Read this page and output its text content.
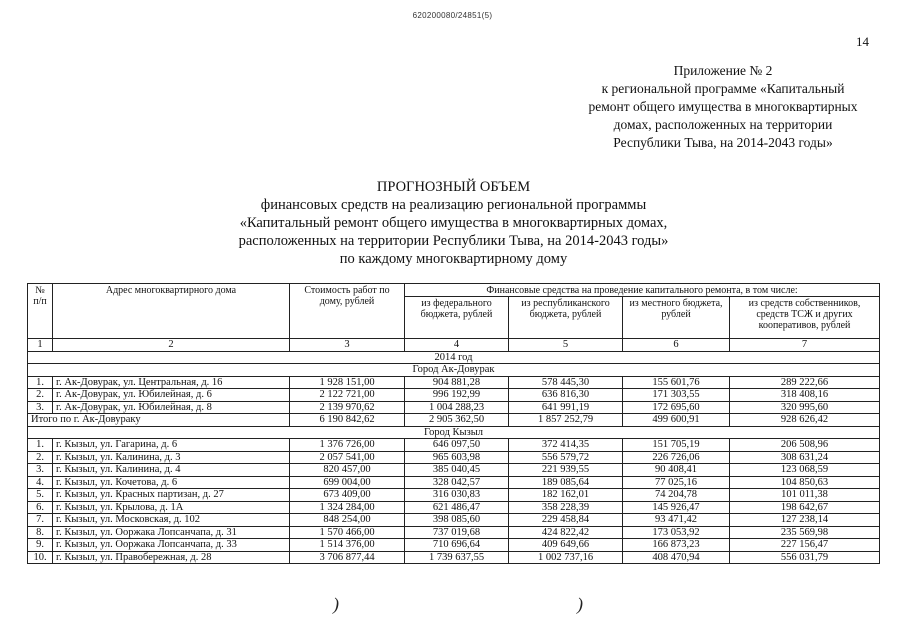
620200080/24851(5)
14
Приложение № 2
к региональной программе «Капитальный
ремонт общего имущества в многоквартирных
домах, расположенных на территории
Республики Тыва, на 2014-2043 годы»
ПРОГНОЗНЫЙ ОБЪЕМ
финансовых средств на реализацию региональной программы
«Капитальный ремонт общего имущества в многоквартирных домах,
расположенных на территории Республики Тыва, на 2014-2043 годы»
по каждому многоквартирному дому
№ п/п	Адрес многоквартирного дома	Стоимость работ по дому, рублей	Финансовые средства на проведение капитального ремонта, в том числе:			
			из федерального бюджета, рублей	из республиканского бюджета, рублей	из местного бюджета, рублей	из средств собственников, средств ТСЖ и других кооперативов, рублей
1	2	3	4	5	6	7
2014 год						
Город Ак-Довурак						
1.	г. Ак-Довурак, ул. Центральная, д. 16	1 928 151,00	904 881,28	578 445,30	155 601,76	289 222,66
2.	г. Ак-Довурак, ул. Юбилейная, д. 6	2 122 721,00	996 192,99	636 816,30	171 303,55	318 408,16
3.	г. Ак-Довурак, ул. Юбилейная, д. 8	2 139 970,62	1 004 288,23	641 991,19	172 695,60	320 995,60
Итого по г. Ак-Довураку		6 190 842,62	2 905 362,50	1 857 252,79	499 600,91	928 626,42
Город Кызыл						
1.	г. Кызыл, ул. Гагарина, д. 6	1 376 726,00	646 097,50	372 414,35	151 705,19	206 508,96
2.	г. Кызыл, ул. Калинина, д. 3	2 057 541,00	965 603,98	556 579,72	226 726,06	308 631,24
3.	г. Кызыл, ул. Калинина, д. 4	820 457,00	385 040,45	221 939,55	90 408,41	123 068,59
4.	г. Кызыл, ул. Кочетова, д. 6	699 004,00	328 042,57	189 085,64	77 025,16	104 850,63
5.	г. Кызыл, ул. Красных партизан, д. 27	673 409,00	316 030,83	182 162,01	74 204,78	101 011,38
6.	г. Кызыл, ул. Крылова, д. 1А	1 324 284,00	621 486,47	358 228,39	145 926,47	198 642,67
7.	г. Кызыл, ул. Московская, д. 102	848 254,00	398 085,60	229 458,84	93 471,42	127 238,14
8.	г. Кызыл, ул. Ооржака Лопсанчапа, д. 31	1 570 466,00	737 019,68	424 822,42	173 053,92	235 569,98
9.	г. Кызыл, ул. Ооржака Лопсанчапа, д. 33	1 514 376,00	710 696,64	409 649,66	166 873,23	227 156,47
10.	г. Кызыл, ул. Правобережная, д. 28	3 706 877,44	1 739 637,55	1 002 737,16	408 470,94	556 031,79
)	)
